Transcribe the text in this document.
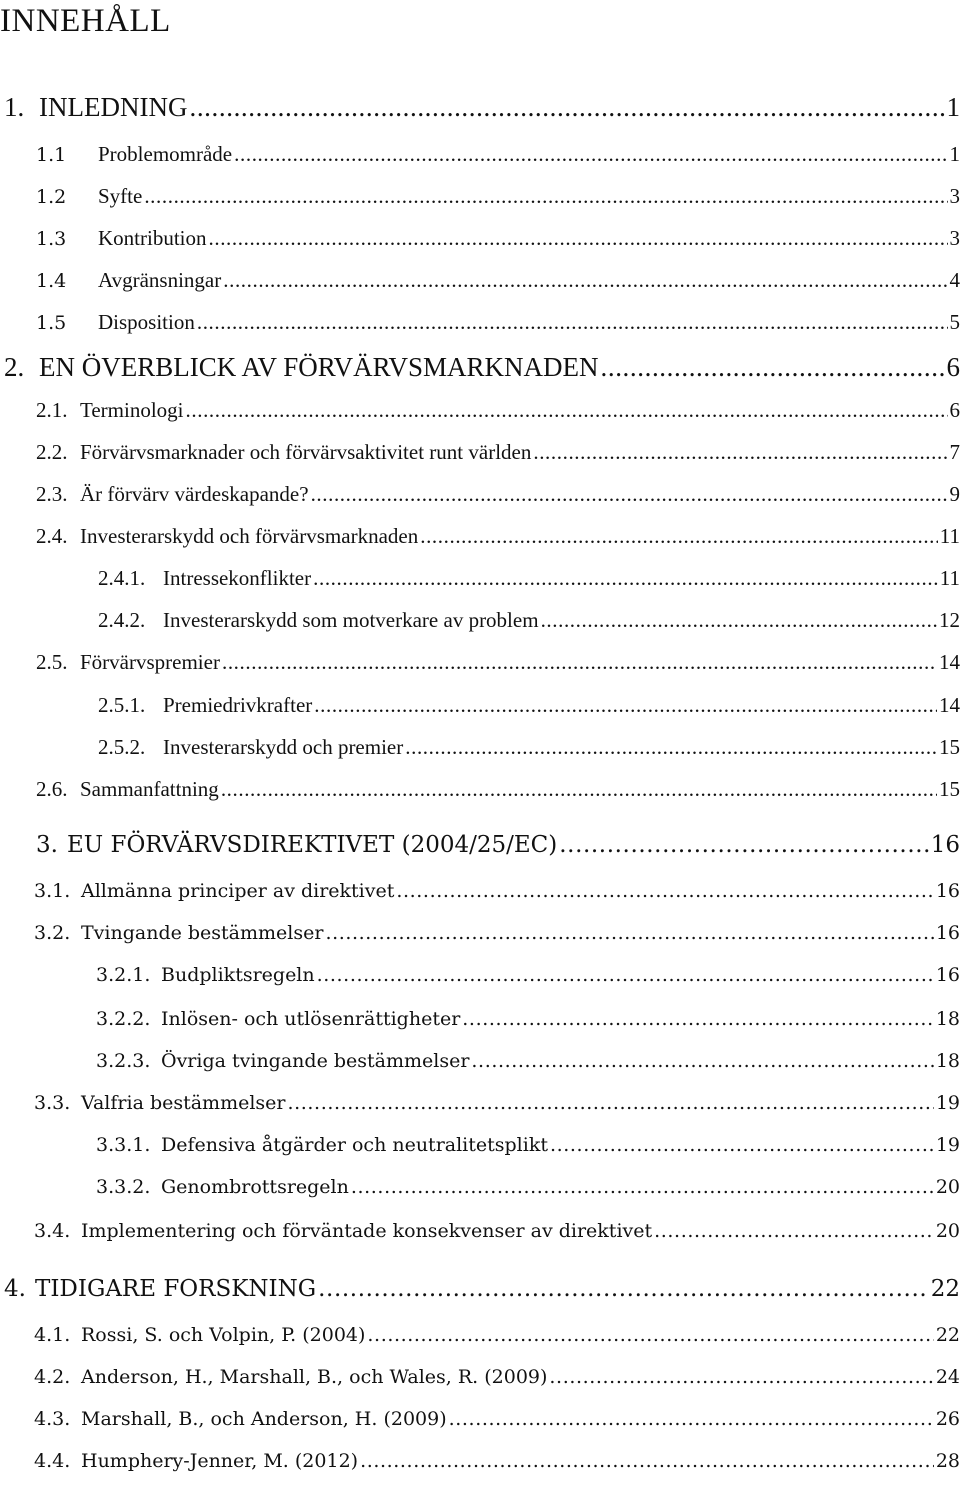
INNEHÅLL
1. INLEDNING .....	1
1.1	Problemområde .....	1
1.2	Syfte .....	3
1.3	Kontribution .....	3
1.4	Avgränsningar .....	4
1.5	Disposition .....	5
2. EN ÖVERBLICK AV FÖRVÄRVSMARKNADEN .....	6
2.1. Terminologi .....	6
2.2. Förvärvsmarknader och förvärvsaktivitet runt världen .....	7
2.3. Är förvärv värdeskapande? .....	9
2.4. Investerarskydd och förvärvsmarknaden .....	11
2.4.1. Intressekonflikter .....	11
2.4.2. Investerarskydd som motverkare av problem .....	12
2.5. Förvärvspremier .....	14
2.5.1. Premiedrivkrafter .....	14
2.5.2. Investerarskydd och premier .....	15
2.6. Sammanfattning .....	15
3. EU FÖRVÄRVSDIREKTIVET (2004/25/EC) .....	16
3.1. Allmänna principer av direktivet .....	16
3.2. Tvingande bestämmelser .....	16
3.2.1. Budpliktsregeln .....	16
3.2.2. Inlösen- och utlösenrättigheter .....	18
3.2.3. Övriga tvingande bestämmelser .....	18
3.3. Valfria bestämmelser .....	19
3.3.1. Defensiva åtgärder och neutralitetsplikt .....	19
3.3.2. Genombrottsregeln .....	20
3.4. Implementering och förväntade konsekvenser av direktivet .....	20
4. TIDIGARE FORSKNING .....	22
4.1. Rossi, S. och Volpin, P. (2004) .....	22
4.2. Anderson, H., Marshall, B., och Wales, R. (2009) .....	24
4.3. Marshall, B., och Anderson, H. (2009) .....	26
4.4. Humphery-Jenner, M. (2012) .....	28
